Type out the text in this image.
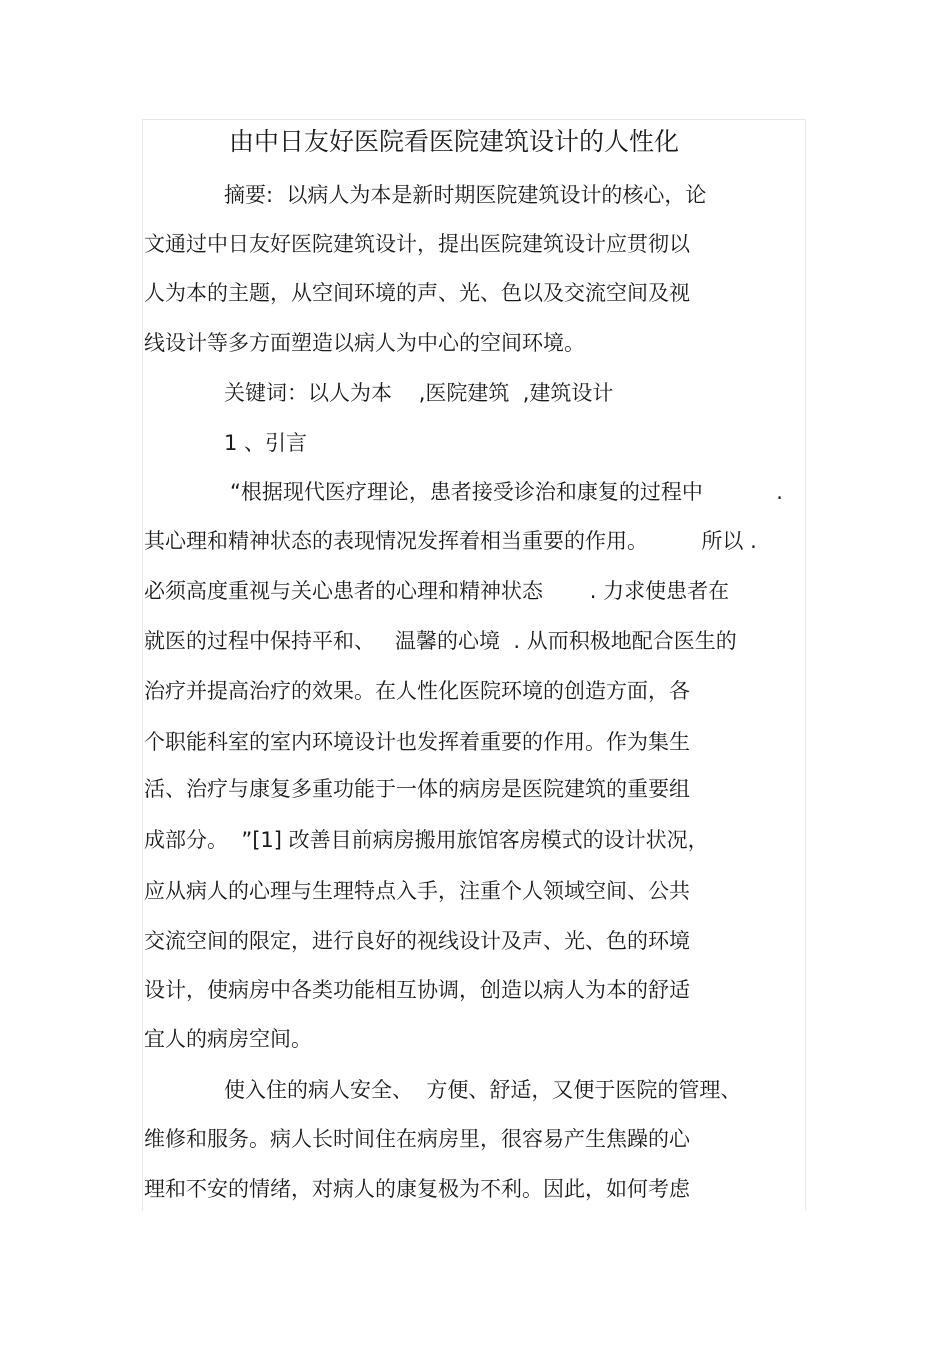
由中日友好医院看医院建筑设计的人性化
摘要:  以病人为本是新时期医院建筑设计的核心，论
文通过中日友好医院建筑设计，提出医院建筑设计应贯彻以
人为本的主题，从空间环境的声、光、色以及交流空间及视
线设计等多方面塑造以病人为中心的空间环境。
关键词：以人为本    ,医院建筑  ,建筑设计
1 、引言
“根据现代医疗理论，患者接受诊治和康复的过程中           .
其心理和精神状态的表现情况发挥着相当重要的作用。        所以 .
必须高度重视与关心患者的心理和精神状态       . 力求使患者在
就医的过程中保持平和、   温馨的心境  . 从而积极地配合医生的
治疗并提高治疗的效果。在人性化医院环境的创造方面，各
个职能科室的室内环境设计也发挥着重要的作用。作为集生
活、治疗与康复多重功能于一体的病房是医院建筑的重要组
成部分。  ”[1] 改善目前病房搬用旅馆客房模式的设计状况，
应从病人的心理与生理特点入手，注重个人领域空间、公共
交流空间的限定，进行良好的视线设计及声、光、色的环境
设计，使病房中各类功能相互协调，创造以病人为本的舒适
宜人的病房空间。
使入住的病人安全、  方便、舒适，又便于医院的管理、
维修和服务。病人长时间住在病房里，很容易产生焦躁的心
理和不安的情绪，对病人的康复极为不利。因此，如何考虑
